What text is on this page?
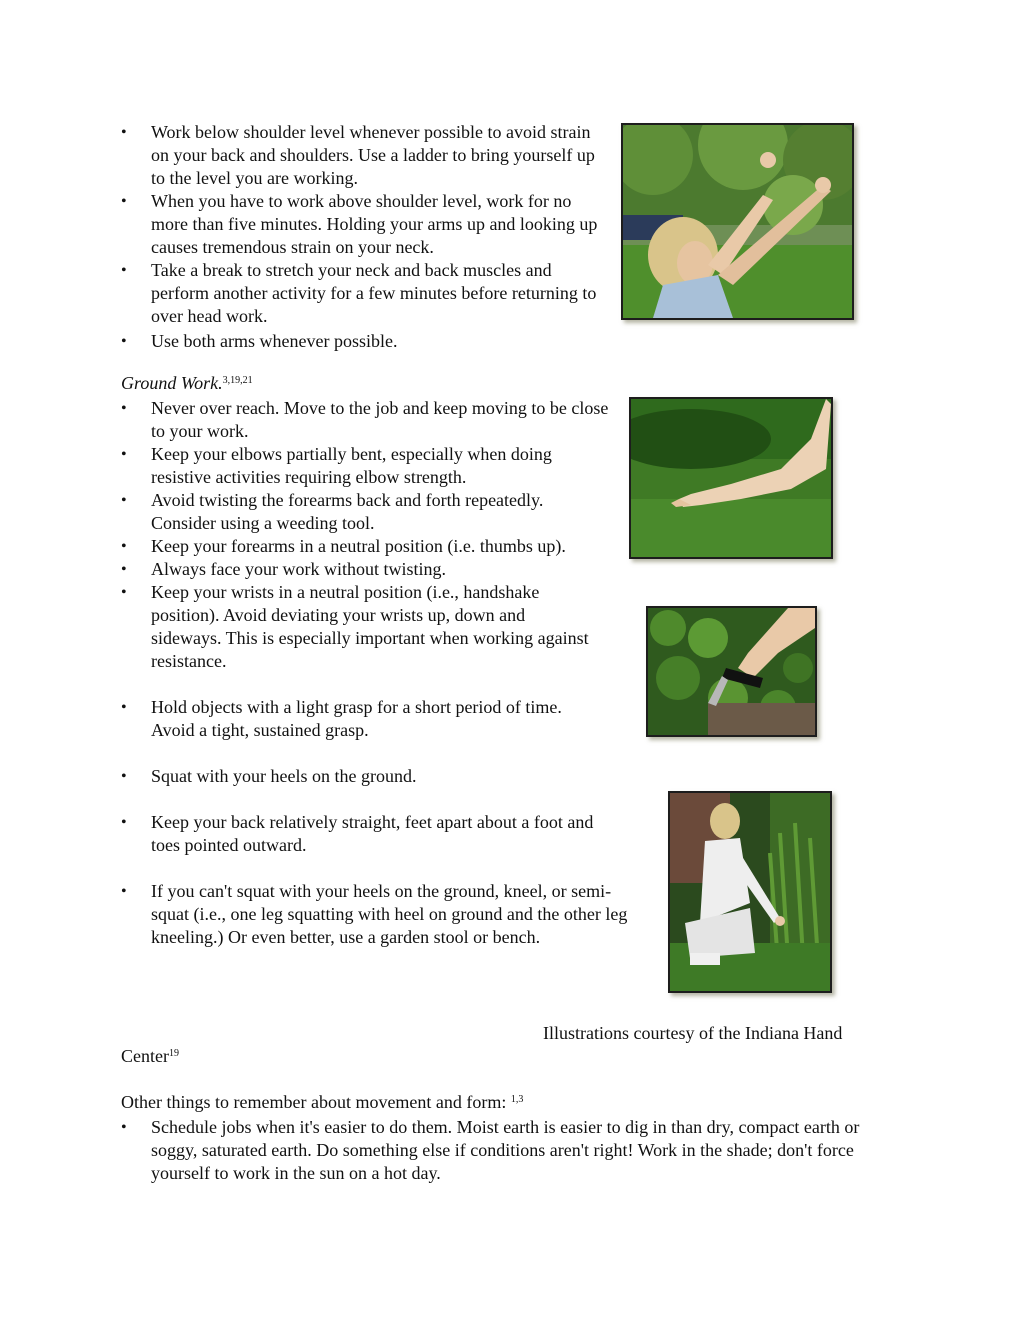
• Work below shoulder level whenever possible to avoid strain on your back and shoulders. Use a ladder to bring yourself up to the level you are working.
• When you have to work above shoulder level, work for no more than five minutes. Holding your arms up and looking up causes tremendous strain on your neck.
• Take a break to stretch your neck and back muscles and perform another activity for a few minutes before returning to over head work.
• Use both arms whenever possible.
Ground Work.$^{3,19,21}$
• Never over reach. Move to the job and keep moving to be close to your work.
• Keep your elbows partially bent, especially when doing resistive activities requiring elbow strength.
• Avoid twisting the forearms back and forth repeatedly. Consider using a weeding tool.
• Keep your forearms in a neutral position (i.e. thumbs up).
• Always face your work without twisting.
• Keep your wrists in a neutral position (i.e., handshake position). Avoid deviating your wrists up, down and sideways. This is especially important when working against resistance.
• Hold objects with a light grasp for a short period of time. Avoid a tight, sustained grasp.
• Squat with your heels on the ground.
• Keep your back relatively straight, feet apart about a foot and toes pointed outward.
• If you can't squat with your heels on the ground, kneel, or semi-squat (i.e., one leg squatting with heel on ground and the other leg kneeling.) Or even better, use a garden stool or bench.
Illustrations courtesy of the Indiana Hand
Center$^{19}$
Other things to remember about movement and form: $^{1,3}$
• Schedule jobs when it's easier to do them. Moist earth is easier to dig in than dry, compact earth or soggy, saturated earth. Do something else if conditions aren't right! Work in the shade; don't force yourself to work in the sun on a hot day.
